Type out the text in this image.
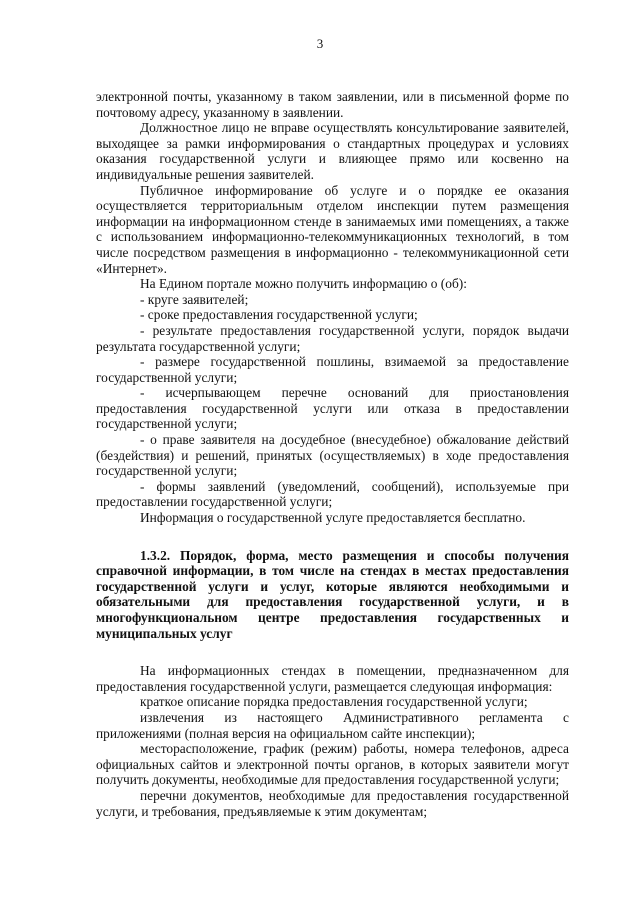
3

электронной почты, указанному в таком заявлении, или в письменной форме по почтовому адресу, указанному в заявлении.

Должностное лицо не вправе осуществлять консультирование заявителей, выходящее за рамки информирования о стандартных процедурах и условиях оказания государственной услуги и влияющее прямо или косвенно на индивидуальные решения заявителей.

Публичное информирование об услуге и о порядке ее оказания осуществляется территориальным отделом инспекции путем размещения информации на информационном стенде в занимаемых ими помещениях, а также с использованием информационно-телекоммуникационных технологий, в том числе посредством размещения в информационно - телекоммуникационной сети «Интернет».

На Едином портале можно получить информацию о (об):

- круге заявителей;

- сроке предоставления государственной услуги;

- результате предоставления государственной услуги, порядок выдачи результата государственной услуги;

- размере государственной пошлины, взимаемой за предоставление государственной услуги;

- исчерпывающем перечне оснований для приостановления предоставления государственной услуги или отказа в предоставлении государственной услуги;

- о праве заявителя на досудебное (внесудебное) обжалование действий (бездействия) и решений, принятых (осуществляемых) в ходе предоставления государственной услуги;

- формы заявлений (уведомлений, сообщений), используемые при предоставлении государственной услуги;

Информация о государственной услуге предоставляется бесплатно.

1.3.2. Порядок, форма, место размещения и способы получения справочной информации, в том числе на стендах в местах предоставления государственной услуги и услуг, которые являются необходимыми и обязательными для предоставления государственной услуги, и в многофункциональном центре предоставления государственных и муниципальных услуг

На информационных стендах в помещении, предназначенном для предоставления государственной услуги, размещается следующая информация:

краткое описание порядка предоставления государственной услуги;

извлечения из настоящего Административного регламента с приложениями (полная версия на официальном сайте инспекции);

месторасположение, график (режим) работы, номера телефонов, адреса официальных сайтов и электронной почты органов, в которых заявители могут получить документы, необходимые для предоставления государственной услуги;

перечни документов, необходимые для предоставления государственной услуги, и требования, предъявляемые к этим документам;
